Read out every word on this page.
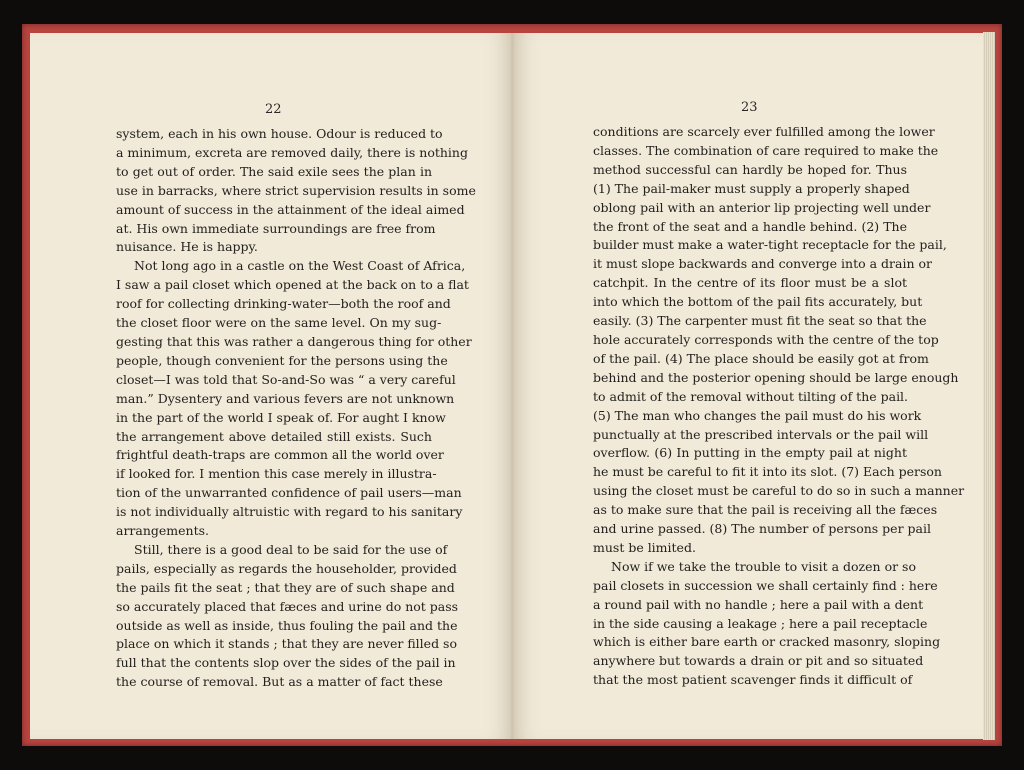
22	23
system, each in his own house. Odour is reduced to
a minimum, excreta are removed daily, there is nothing
to get out of order. The said exile sees the plan in
use in barracks, where strict supervision results in some
amount of success in the attainment of the ideal aimed
at. His own immediate surroundings are free from
nuisance. He is happy.
Not long ago in a castle on the West Coast of Africa,
I saw a pail closet which opened at the back on to a flat
roof for collecting drinking-water—both the roof and
the closet floor were on the same level. On my sug-
gesting that this was rather a dangerous thing for other
people, though convenient for the persons using the
closet—I was told that So-and-So was “ a very careful
man.” Dysentery and various fevers are not unknown
in the part of the world I speak of. For aught I know
the arrangement above detailed still exists. Such
frightful death-traps are common all the world over
if looked for. I mention this case merely in illustra-
tion of the unwarranted confidence of pail users—man
is not individually altruistic with regard to his sanitary
arrangements.
Still, there is a good deal to be said for the use of
pails, especially as regards the householder, provided
the pails fit the seat ; that they are of such shape and
so accurately placed that fæces and urine do not pass
outside as well as inside, thus fouling the pail and the
place on which it stands ; that they are never filled so
full that the contents slop over the sides of the pail in
the course of removal. But as a matter of fact these
conditions are scarcely ever fulfilled among the lower
classes. The combination of care required to make the
method successful can hardly be hoped for. Thus
(1) The pail-maker must supply a properly shaped
oblong pail with an anterior lip projecting well under
the front of the seat and a handle behind. (2) The
builder must make a water-tight receptacle for the pail,
it must slope backwards and converge into a drain or
catchpit. In the centre of its floor must be a slot
into which the bottom of the pail fits accurately, but
easily. (3) The carpenter must fit the seat so that the
hole accurately corresponds with the centre of the top
of the pail. (4) The place should be easily got at from
behind and the posterior opening should be large enough
to admit of the removal without tilting of the pail.
(5) The man who changes the pail must do his work
punctually at the prescribed intervals or the pail will
overflow. (6) In putting in the empty pail at night
he must be careful to fit it into its slot. (7) Each person
using the closet must be careful to do so in such a manner
as to make sure that the pail is receiving all the fæces
and urine passed. (8) The number of persons per pail
must be limited.
Now if we take the trouble to visit a dozen or so
pail closets in succession we shall certainly find : here
a round pail with no handle ; here a pail with a dent
in the side causing a leakage ; here a pail receptacle
which is either bare earth or cracked masonry, sloping
anywhere but towards a drain or pit and so situated
that the most patient scavenger finds it difficult of
